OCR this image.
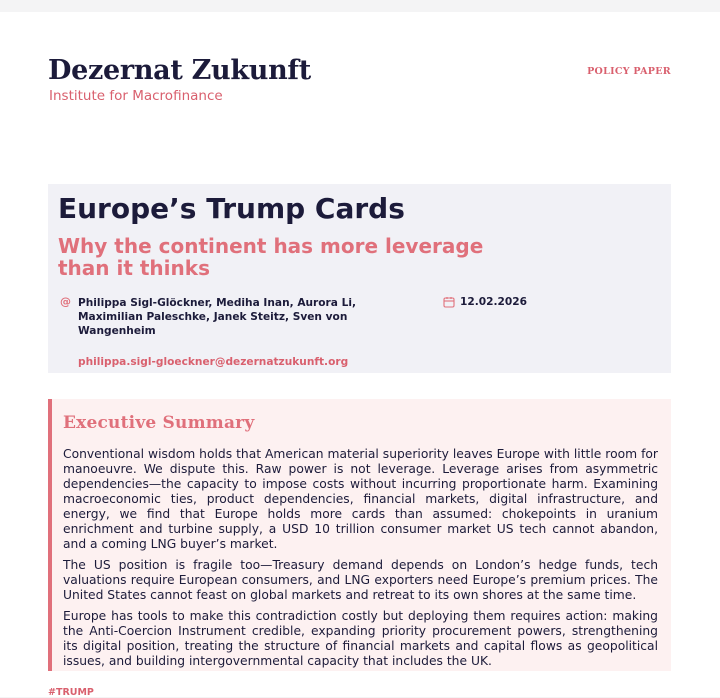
Dezernat Zukunft
Institute for Macrofinance
POLICY PAPER
Europe’s Trump Cards
Why the continent has more leverage than it thinks
@ Philippa Sigl-Glöckner, Mediha Inan, Aurora Li, Maximilian Paleschke, Janek Steitz, Sven von Wangenheim
philippa.sigl-gloeckner@dezernatzukunft.org
12.02.2026
Executive Summary

Conventional wisdom holds that American material superiority leaves Europe with little room for manoeuvre. We dispute this. Raw power is not leverage. Leverage arises from asymmetric dependencies—the capacity to impose costs without incurring proportionate harm. Examining macroeconomic ties, product dependencies, financial markets, digital infrastructure, and energy, we find that Europe holds more cards than assumed: chokepoints in uranium enrichment and turbine supply, a USD 10 trillion consumer market US tech cannot abandon, and a coming LNG buyer’s market.

The US position is fragile too—Treasury demand depends on London’s hedge funds, tech valuations require European consumers, and LNG exporters need Europe’s premium prices. The United States cannot feast on global markets and retreat to its own shores at the same time.

Europe has tools to make this contradiction costly but deploying them requires action: making the Anti-Coercion Instrument credible, expanding priority procurement powers, strengthening its digital position, treating the structure of financial markets and capital flows as geopolitical issues, and building intergovernmental capacity that includes the UK.

#TRUMP
